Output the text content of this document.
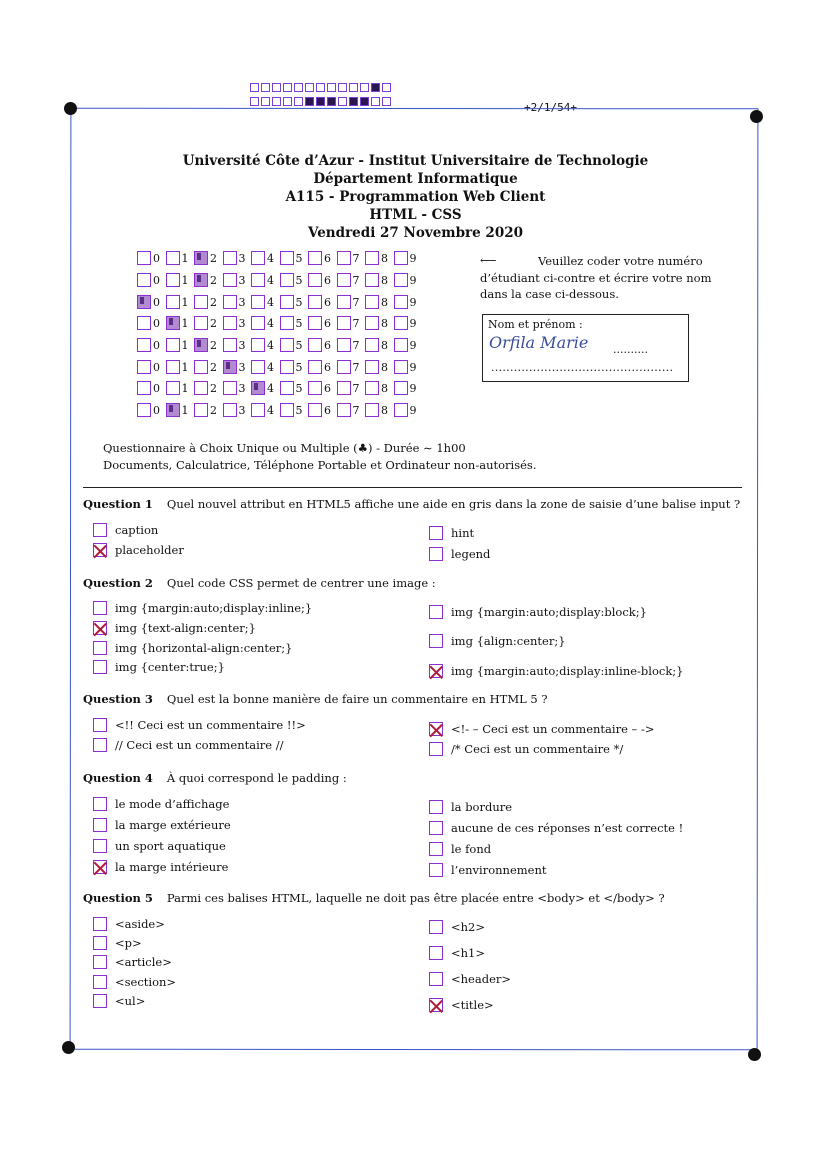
+2/1/54+
Université Côte d’Azur - Institut Universitaire de Technologie
Département Informatique
A115 - Programmation Web Client
HTML - CSS
Vendredi 27 Novembre 2020
0 1 2 3 4 5 6 7 8 9
0 1 2 3 4 5 6 7 8 9
0 1 2 3 4 5 6 7 8 9
0 1 2 3 4 5 6 7 8 9
0 1 2 3 4 5 6 7 8 9
0 1 2 3 4 5 6 7 8 9
0 1 2 3 4 5 6 7 8 9
0 1 2 3 4 5 6 7 8 9
⟵	Veuillez coder votre numéro
d’étudiant ci-contre et écrire votre nom
dans la case ci-dessous.
Nom et prénom :
Orfila Marie ..........
................................................
Questionnaire à Choix Unique ou Multiple (♣) - Durée ∼ 1h00
Documents, Calculatrice, Téléphone Portable et Ordinateur non-autorisés.
Question 1 Quel nouvel attribut en HTML5 affiche une aide en gris dans la zone de saisie d’une balise input ?
caption
placeholder
hint
legend
Question 2 Quel code CSS permet de centrer une image :
img {margin:auto;display:inline;}
img {text-align:center;}
img {horizontal-align:center;}
img {center:true;}
img {margin:auto;display:block;}
img {align:center;}
img {margin:auto;display:inline-block;}
Question 3 Quel est la bonne manière de faire un commentaire en HTML 5 ?
<!! Ceci est un commentaire !!>
// Ceci est un commentaire //
<!- – Ceci est un commentaire – ->
/* Ceci est un commentaire */
Question 4 À quoi correspond le padding :
le mode d’affichage
la marge extérieure
un sport aquatique
la marge intérieure
la bordure
aucune de ces réponses n’est correcte !
le fond
l’environnement
Question 5 Parmi ces balises HTML, laquelle ne doit pas être placée entre <body> et </body> ?
<aside>
<p>
<article>
<section>
<ul>
<h2>
<h1>
<header>
<title>
